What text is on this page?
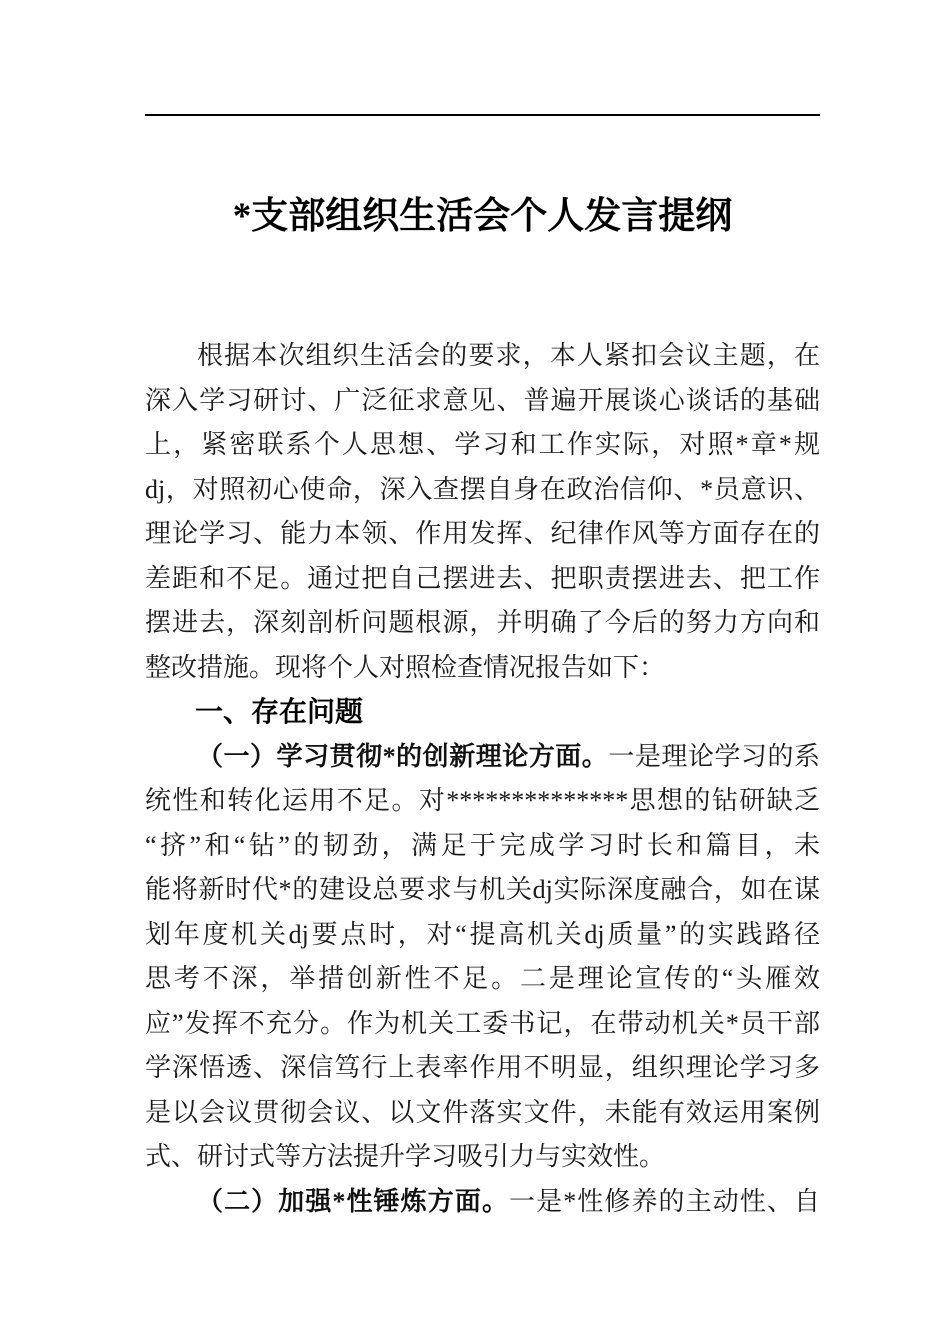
*支部组织生活会个人发言提纲
根据本次组织生活会的要求，本人紧扣会议主题，在
深入学习研讨、广泛征求意见、普遍开展谈心谈话的基础
上，紧密联系个人思想、学习和工作实际，对照*章*规
dj，对照初心使命，深入查摆自身在政治信仰、*员意识、
理论学习、能力本领、作用发挥、纪律作风等方面存在的
差距和不足。通过把自己摆进去、把职责摆进去、把工作
摆进去，深刻剖析问题根源，并明确了今后的努力方向和
整改措施。现将个人对照检查情况报告如下：
一、存在问题
（一）学习贯彻*的创新理论方面。一是理论学习的系
统性和转化运用不足。对**************思想的钻研缺乏
“挤”和“钻”的韧劲，满足于完成学习时长和篇目，未
能将新时代*的建设总要求与机关dj实际深度融合，如在谋
划年度机关dj要点时，对“提高机关dj质量”的实践路径
思考不深，举措创新性不足。二是理论宣传的“头雁效
应”发挥不充分。作为机关工委书记，在带动机关*员干部
学深悟透、深信笃行上表率作用不明显，组织理论学习多
是以会议贯彻会议、以文件落实文件，未能有效运用案例
式、研讨式等方法提升学习吸引力与实效性。
（二）加强*性锤炼方面。一是*性修养的主动性、自
